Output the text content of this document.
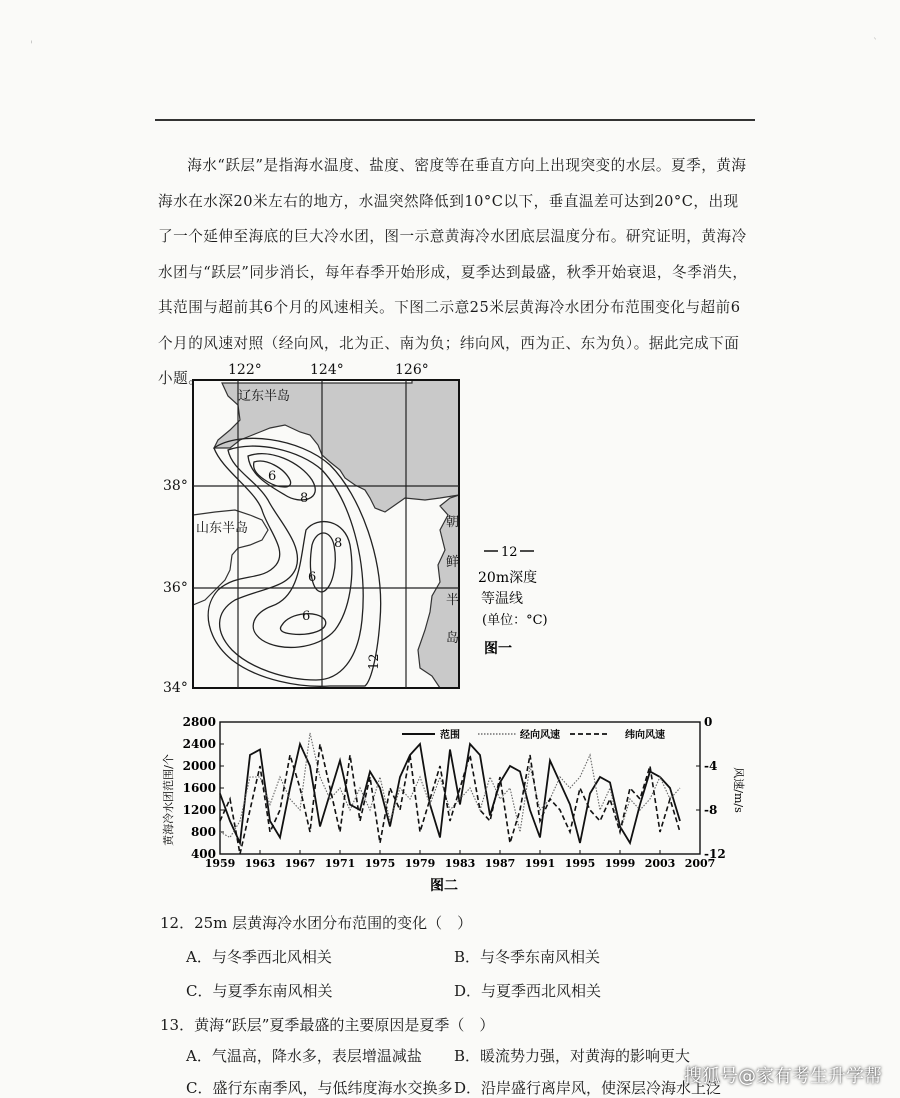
'	`

海水“跃层”是指海水温度、盐度、密度等在垂直方向上出现突变的水层。夏季，黄海海水在水深20米左右的地方，水温突然降低到10°C以下，垂直温差可达到20°C，出现了一个延伸至海底的巨大冷水团，图一示意黄海冷水团底层温度分布。研究证明，黄海冷水团与“跃层”同步消长，每年春季开始形成，夏季达到最盛，秋季开始衰退，冬季消失，其范围与超前其6个月的风速相关。下图二示意25米层黄海冷水团分布范围变化与超前6个月的风速对照（经向风，北为正、南为负；纬向风，西为正、东为负）。据此完成下面小题。	122°	124°	126°
38°
36°
34°
辽东半岛
山东半岛	朝
鲜
半
岛
6
8
8
6
6
12
12
20m深度
等温线
(单位：°C)
图一
2800
2400
2000
1600
1200
800
400
0
-4
-8
-12
1959 1963 1967 1971 1975 1979 1983 1987 1991 1995 1999 2003 2007
黄海冷水团范围/个	风速/m/s
范围	经向风速	纬向风速
图二
12．25m 层黄海冷水团分布范围的变化（　）
A．与冬季西北风相关	B．与冬季东南风相关
C．与夏季东南风相关	D．与夏季西北风相关
13．黄海“跃层”夏季最盛的主要原因是夏季（　）
A．气温高，降水多，表层增温减盐 B．暖流势力强，对黄海的影响更大
C．盛行东南季风，与低纬度海水交换多 D．沿岸盛行离岸风，使深层冷海水上泛
搜狐号@家有考生升学帮
